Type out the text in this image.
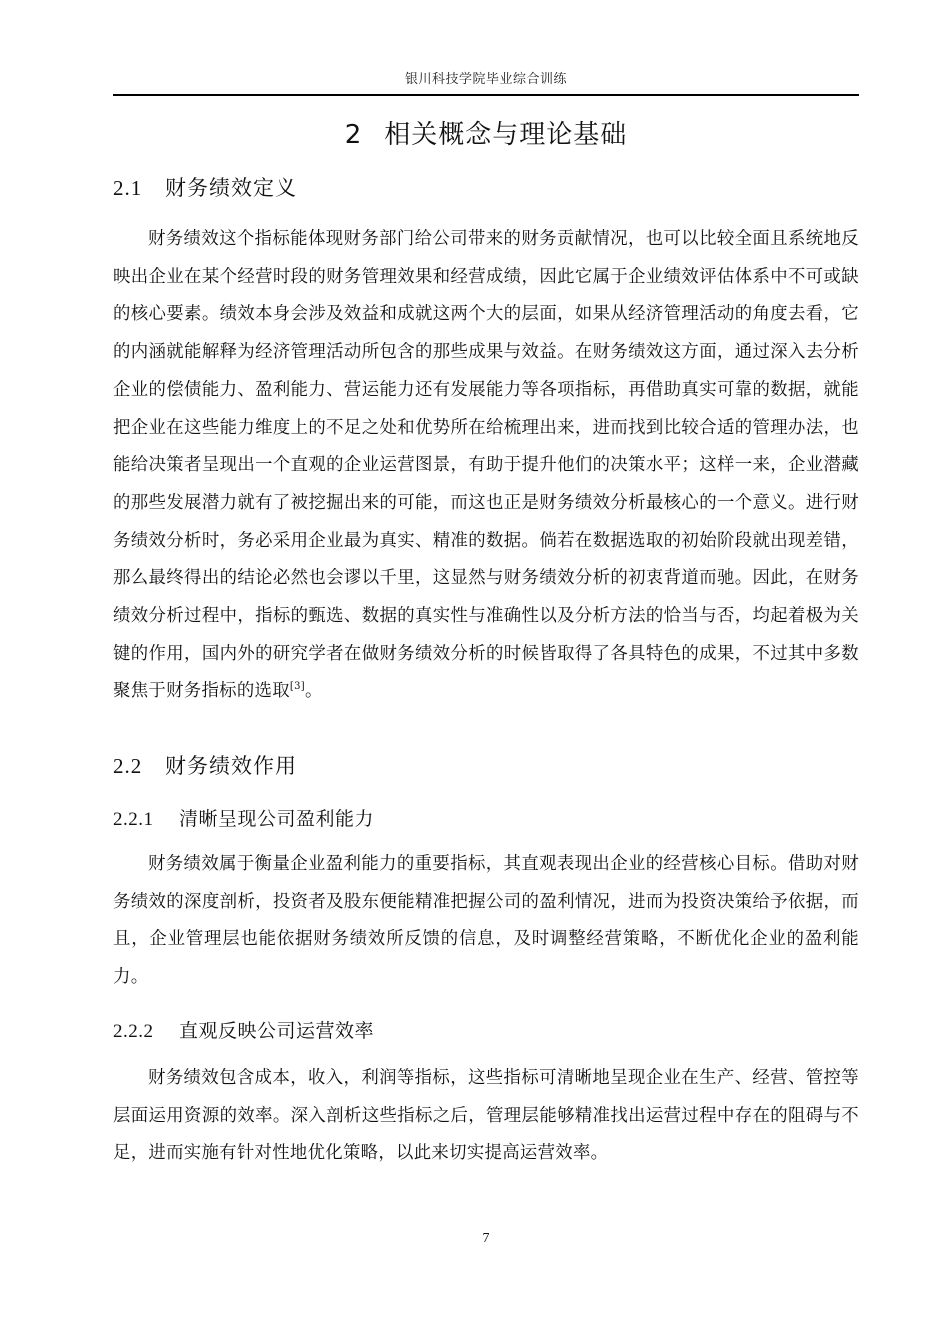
银川科技学院毕业综合训练
2 相关概念与理论基础
2.1 财务绩效定义
财务绩效这个指标能体现财务部门给公司带来的财务贡献情况，也可以比较全面且系统地反映出企业在某个经营时段的财务管理效果和经营成绩，因此它属于企业绩效评估体系中不可或缺的核心要素。绩效本身会涉及效益和成就这两个大的层面，如果从经济管理活动的角度去看，它的内涵就能解释为经济管理活动所包含的那些成果与效益。在财务绩效这方面，通过深入去分析企业的偿债能力、盈利能力、营运能力还有发展能力等各项指标，再借助真实可靠的数据，就能把企业在这些能力维度上的不足之处和优势所在给梳理出来，进而找到比较合适的管理办法，也能给决策者呈现出一个直观的企业运营图景，有助于提升他们的决策水平；这样一来，企业潜藏的那些发展潜力就有了被挖掘出来的可能，而这也正是财务绩效分析最核心的一个意义。进行财务绩效分析时，务必采用企业最为真实、精准的数据。倘若在数据选取的初始阶段就出现差错，那么最终得出的结论必然也会谬以千里，这显然与财务绩效分析的初衷背道而驰。因此，在财务绩效分析过程中，指标的甄选、数据的真实性与准确性以及分析方法的恰当与否，均起着极为关键的作用，国内外的研究学者在做财务绩效分析的时候皆取得了各具特色的成果，不过其中多数聚焦于财务指标的选取[3]。
2.2 财务绩效作用
2.2.1 清晰呈现公司盈利能力
财务绩效属于衡量企业盈利能力的重要指标，其直观表现出企业的经营核心目标。借助对财务绩效的深度剖析，投资者及股东便能精准把握公司的盈利情况，进而为投资决策给予依据，而且，企业管理层也能依据财务绩效所反馈的信息，及时调整经营策略，不断优化企业的盈利能力。
2.2.2 直观反映公司运营效率
财务绩效包含成本，收入，利润等指标，这些指标可清晰地呈现企业在生产、经营、管控等层面运用资源的效率。深入剖析这些指标之后，管理层能够精准找出运营过程中存在的阻碍与不足，进而实施有针对性地优化策略，以此来切实提高运营效率。
7
